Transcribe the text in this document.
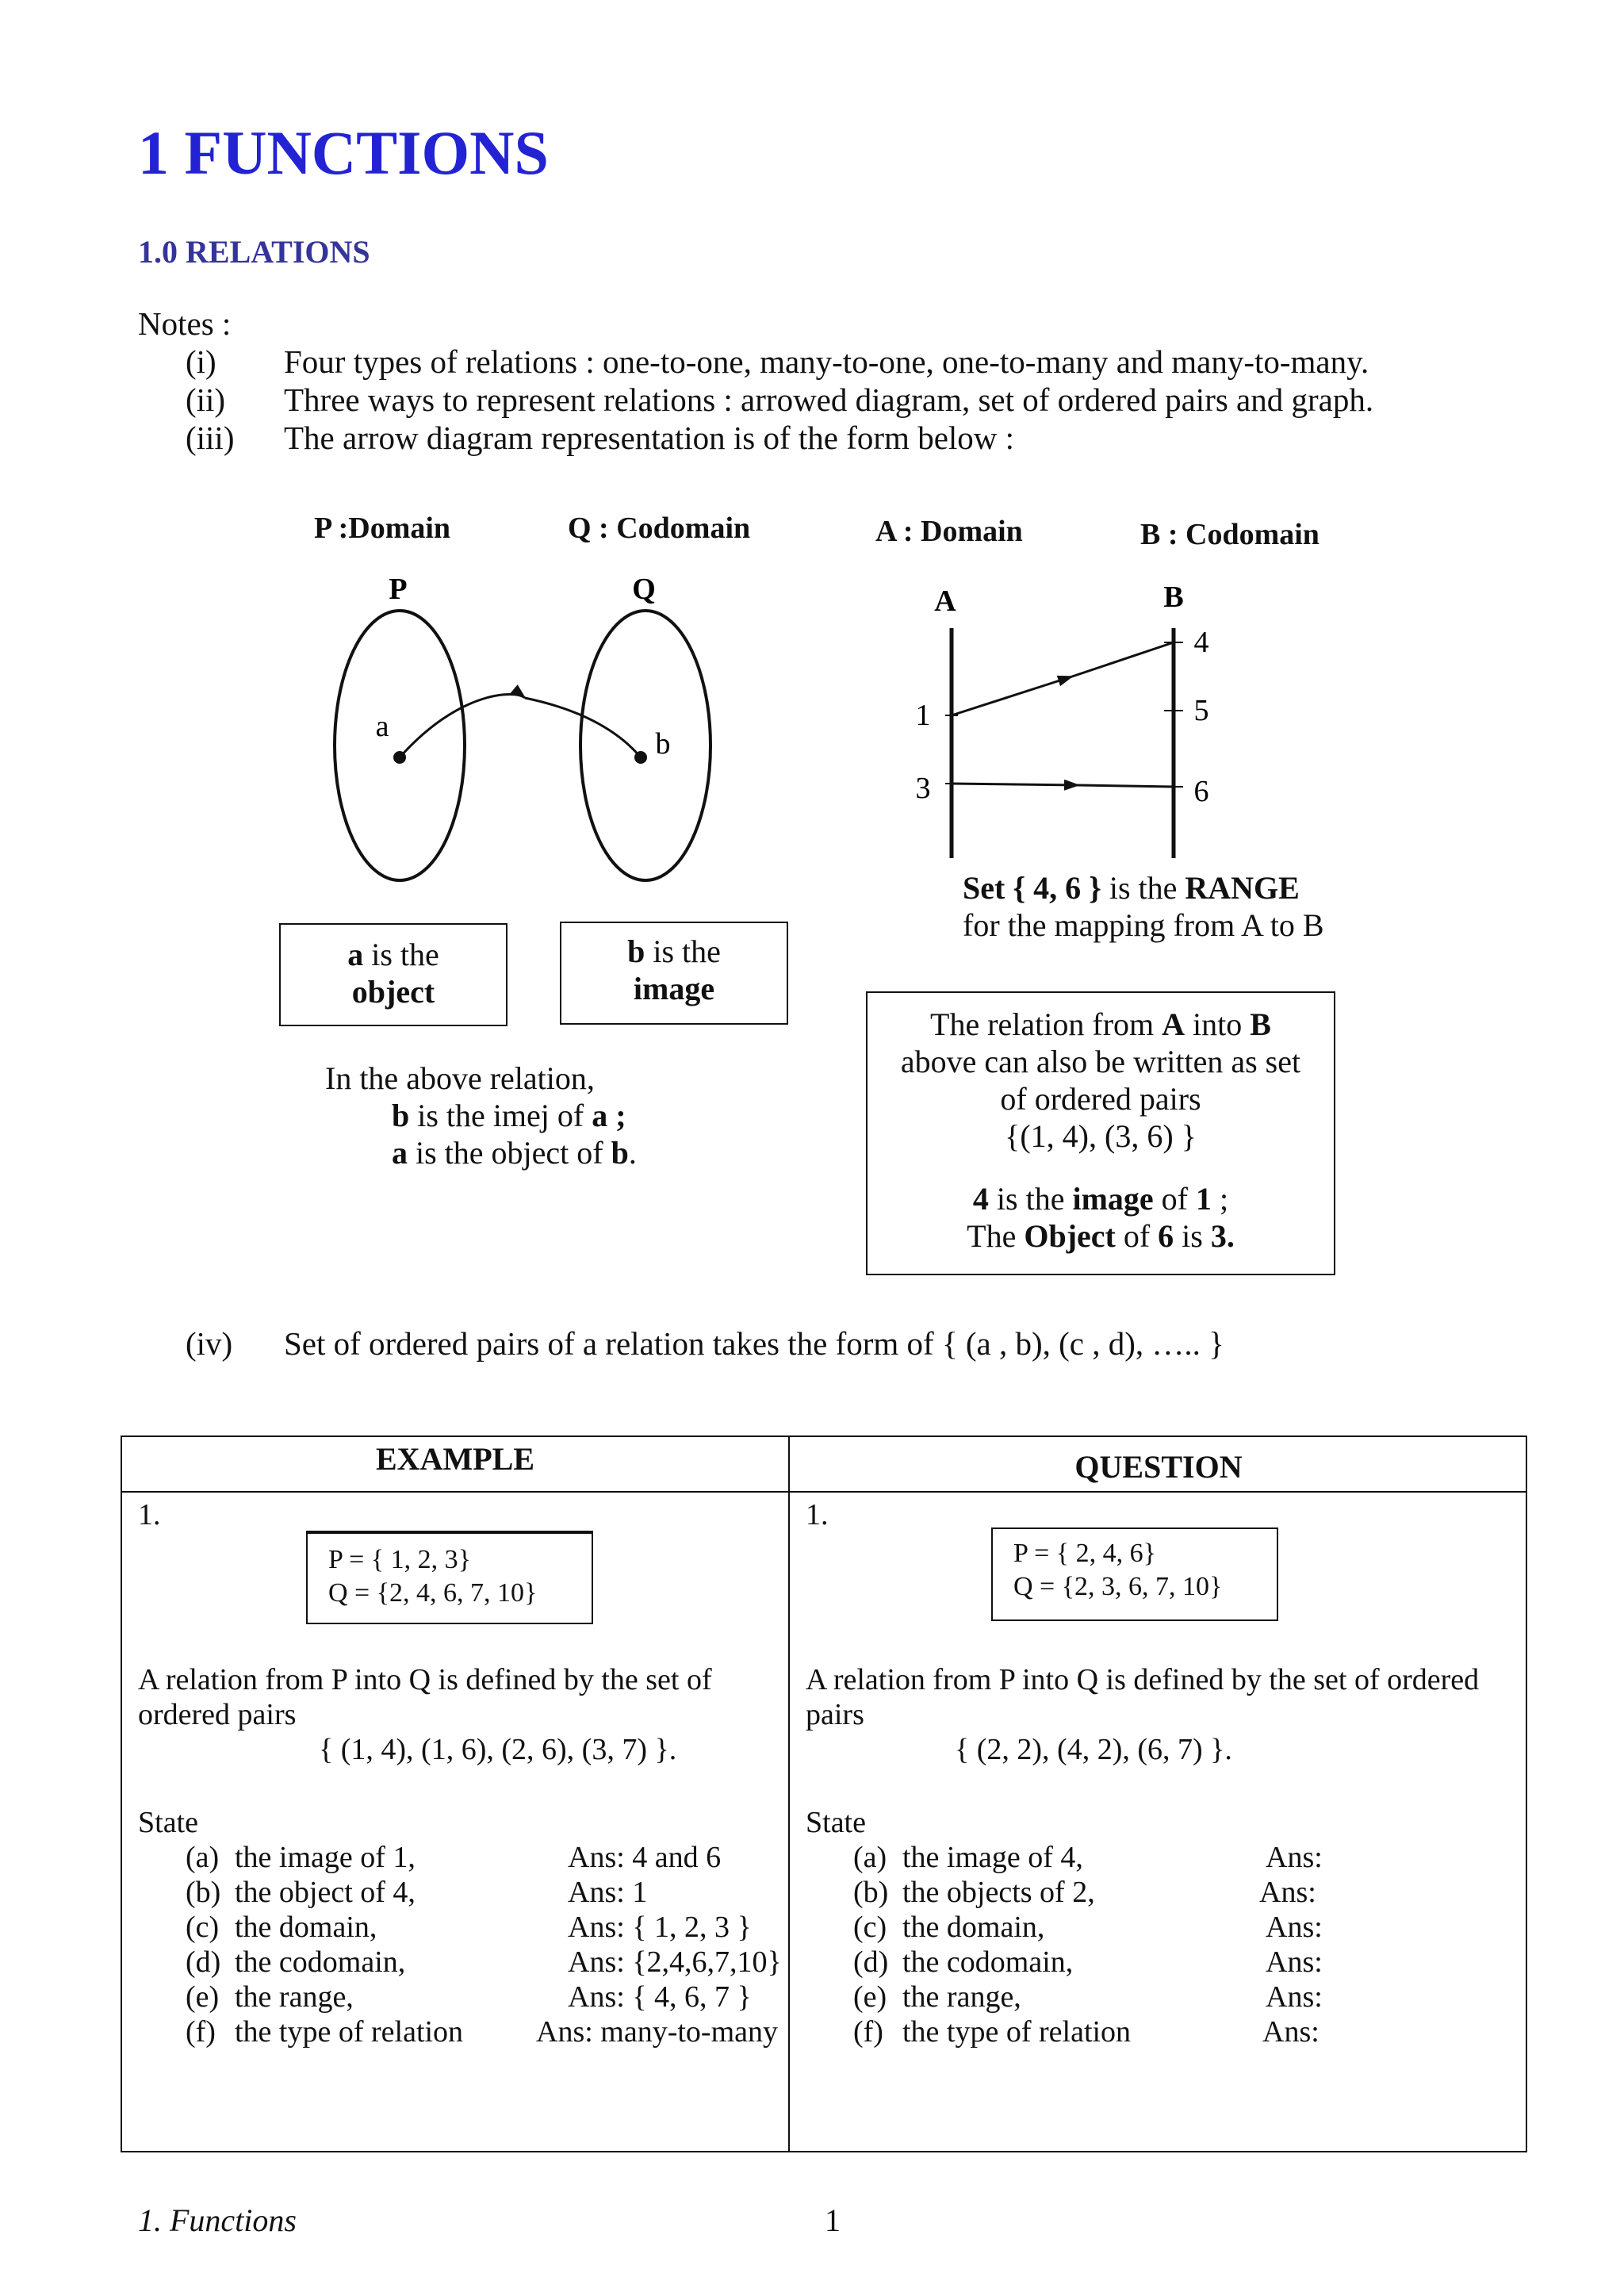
1 FUNCTIONS
1.0 RELATIONS
Notes :
(i) Four types of relations : one-to-one, many-to-one, one-to-many and many-to-many.
(ii) Three ways to represent relations : arrowed diagram, set of ordered pairs and graph.
(iii) The arrow diagram representation is of the form below :
P :Domain	Q : Codomain
P	Q
a
b
a is the
object
b is the
image
In the above relation,
b is the imej of a ;
a is the object of b.
A : Domain	B : Codomain
A	B
1
3
4
5
6
Set { 4, 6 } is the RANGE
for the mapping from A to B
The relation from A into B
above can also be written as set
of ordered pairs
{(1, 4), (3, 6) }
4 is the image of 1 ;
The Object of 6 is 3.
(iv) Set of ordered pairs of a relation takes the form of { (a , b), (c , d), ….. }
EXAMPLE	QUESTION
1.
P = { 1, 2, 3}
Q = {2, 4, 6, 7, 10}
A relation from P into Q is defined by the set of
ordered pairs
{ (1, 4), (1, 6), (2, 6), (3, 7) }.
State
(a) the image of 1,	Ans: 4 and 6
(b) the object of 4,	Ans: 1
(c) the domain,	Ans: { 1, 2, 3 }
(d) the codomain,	Ans: {2,4,6,7,10}
(e) the range,	Ans: { 4, 6, 7 }
(f) the type of relation	Ans: many-to-many
1.
P = { 2, 4, 6}
Q = {2, 3, 6, 7, 10}
A relation from P into Q is defined by the set of ordered
pairs
{ (2, 2), (4, 2), (6, 7) }.
State
(a) the image of 4,	Ans:
(b) the objects of 2,	Ans:
(c) the domain,	Ans:
(d) the codomain,	Ans:
(e) the range,	Ans:
(f) the type of relation	Ans:
1. Functions	1
